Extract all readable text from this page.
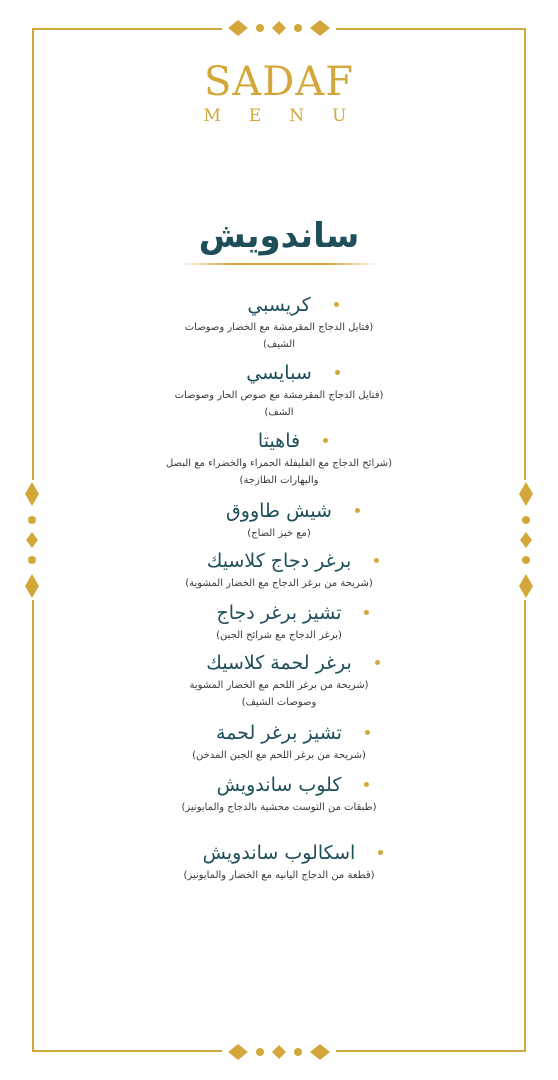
SADAF
MENU
ساندويش
كريسبي
(فتايل الدجاج المقرمشة مع الخضار وصوصات الشيف)
سبايسي
(فتايل الدجاج المقرمشة مع صوص الحار وصوصات الشف)
فاهيتا
(شرائح الدجاج مع الفليفلة الحمراء والخضراء مع البصل والبهارات الطازجة)
شيش طاووق
(مع خبز الصاج)
برغر دجاج كلاسيك
(شريحة من برغر الدجاج مع الخضار المشوية)
تشيز برغر دجاج
(برغر الدجاج مع شرائح الجبن)
برغر لحمة كلاسيك
(شريحة من برغر اللحم مع الخضار المشوية وصوصات الشيف)
تشيز برغر لحمة
(شريحة من برغر اللحم مع الجبن المدخن)
كلوب ساندويش
(طبقات من التوست محشية بالدجاج والمايونيز)
اسكالوب ساندويش
(قطعة من الدجاج اليانيه مع الخضار والمايونيز)
